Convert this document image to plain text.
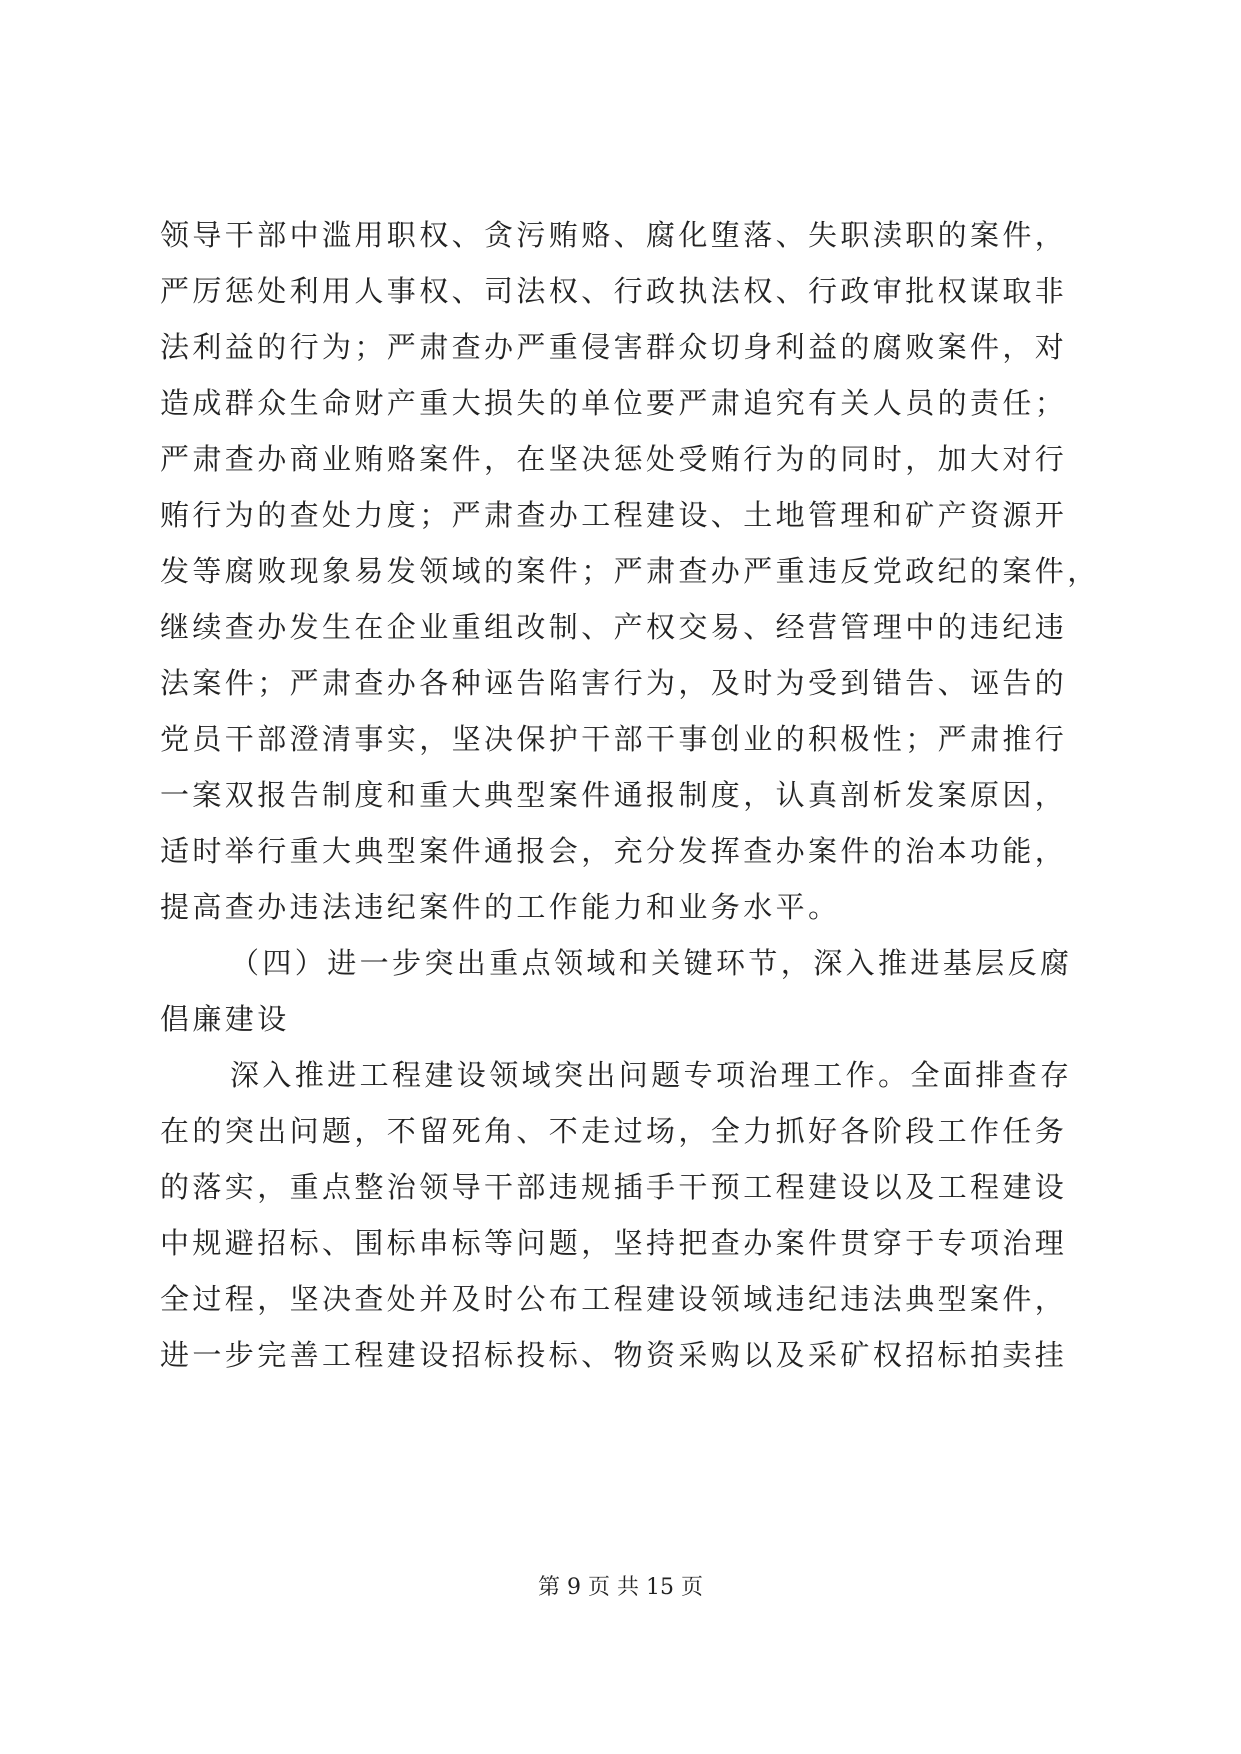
领导干部中滥用职权、贪污贿赂、腐化堕落、失职渎职的案件，
严厉惩处利用人事权、司法权、行政执法权、行政审批权谋取非
法利益的行为；严肃查办严重侵害群众切身利益的腐败案件，对
造成群众生命财产重大损失的单位要严肃追究有关人员的责任；
严肃查办商业贿赂案件，在坚决惩处受贿行为的同时，加大对行
贿行为的查处力度；严肃查办工程建设、土地管理和矿产资源开
发等腐败现象易发领域的案件；严肃查办严重违反党政纪的案件，
继续查办发生在企业重组改制、产权交易、经营管理中的违纪违
法案件；严肃查办各种诬告陷害行为，及时为受到错告、诬告的
党员干部澄清事实，坚决保护干部干事创业的积极性；严肃推行
一案双报告制度和重大典型案件通报制度，认真剖析发案原因，
适时举行重大典型案件通报会，充分发挥查办案件的治本功能，
提高查办违法违纪案件的工作能力和业务水平。
（四）进一步突出重点领域和关键环节，深入推进基层反腐
倡廉建设
深入推进工程建设领域突出问题专项治理工作。全面排查存
在的突出问题，不留死角、不走过场，全力抓好各阶段工作任务
的落实，重点整治领导干部违规插手干预工程建设以及工程建设
中规避招标、围标串标等问题，坚持把查办案件贯穿于专项治理
全过程，坚决查处并及时公布工程建设领域违纪违法典型案件，
进一步完善工程建设招标投标、物资采购以及采矿权招标拍卖挂
第 9 页 共 15 页
